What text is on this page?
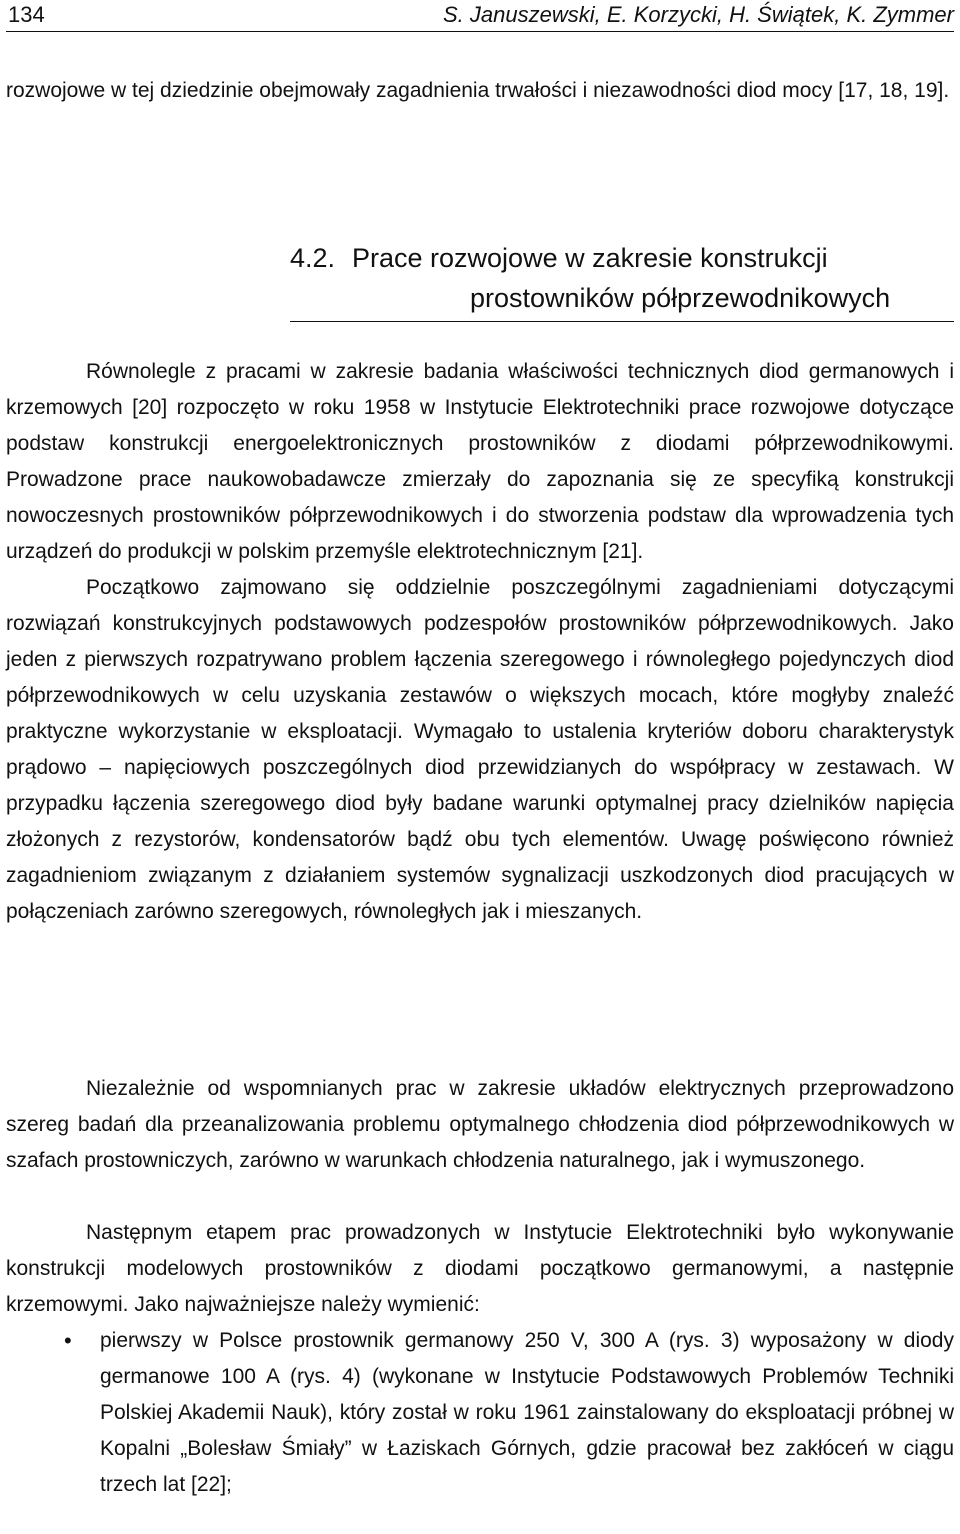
134	S. Januszewski, E. Korzycki, H. Świątek, K. Zymmer

rozwojowe w tej dziedzinie obejmowały zagadnienia trwałości i niezawodności diod mocy [17, 18, 19].

4.2. Prace rozwojowe w zakresie konstrukcji
prostowników półprzewodnikowych

Równolegle z pracami w zakresie badania właściwości technicznych diod germanowych i krzemowych [20] rozpoczęto w roku 1958 w Instytucie Elektrotechniki prace rozwojowe dotyczące podstaw konstrukcji energoelektronicznych prostowników z diodami półprzewodnikowymi. Prowadzone prace naukowobadawcze zmierzały do zapoznania się ze specyfiką konstrukcji nowoczesnych prostowników półprzewodnikowych i do stworzenia podstaw dla wprowadzenia tych urządzeń do produkcji w polskim przemyśle elektrotechnicznym [21].

Początkowo zajmowano się oddzielnie poszczególnymi zagadnieniami dotyczącymi rozwiązań konstrukcyjnych podstawowych podzespołów prostowników półprzewodnikowych. Jako jeden z pierwszych rozpatrywano problem łączenia szeregowego i równoległego pojedynczych diod półprzewodnikowych w celu uzyskania zestawów o większych mocach, które mogłyby znaleźć praktyczne wykorzystanie w eksploatacji. Wymagało to ustalenia kryteriów doboru charakterystyk prądowo – napięciowych poszczególnych diod przewidzianych do współpracy w zestawach. W przypadku łączenia szeregowego diod były badane warunki optymalnej pracy dzielników napięcia złożonych z rezystorów, kondensatorów bądź obu tych elementów. Uwagę poświęcono również zagadnieniom związanym z działaniem systemów sygnalizacji uszkodzonych diod pracujących w połączeniach zarówno szeregowych, równoległych jak i mieszanych.

Niezależnie od wspomnianych prac w zakresie układów elektrycznych przeprowadzono szereg badań dla przeanalizowania problemu optymalnego chłodzenia diod półprzewodnikowych w szafach prostowniczych, zarówno w warunkach chłodzenia naturalnego, jak i wymuszonego.

Następnym etapem prac prowadzonych w Instytucie Elektrotechniki było wykonywanie konstrukcji modelowych prostowników z diodami początkowo germanowymi, a następnie krzemowymi. Jako najważniejsze należy wymienić:

• pierwszy w Polsce prostownik germanowy 250 V, 300 A (rys. 3) wyposażony w diody germanowe 100 A (rys. 4) (wykonane w Instytucie Podstawowych Problemów Techniki Polskiej Akademii Nauk), który został w roku 1961 zainstalowany do eksploatacji próbnej w Kopalni „Bolesław Śmiały” w Łaziskach Górnych, gdzie pracował bez zakłóceń w ciągu trzech lat [22];
